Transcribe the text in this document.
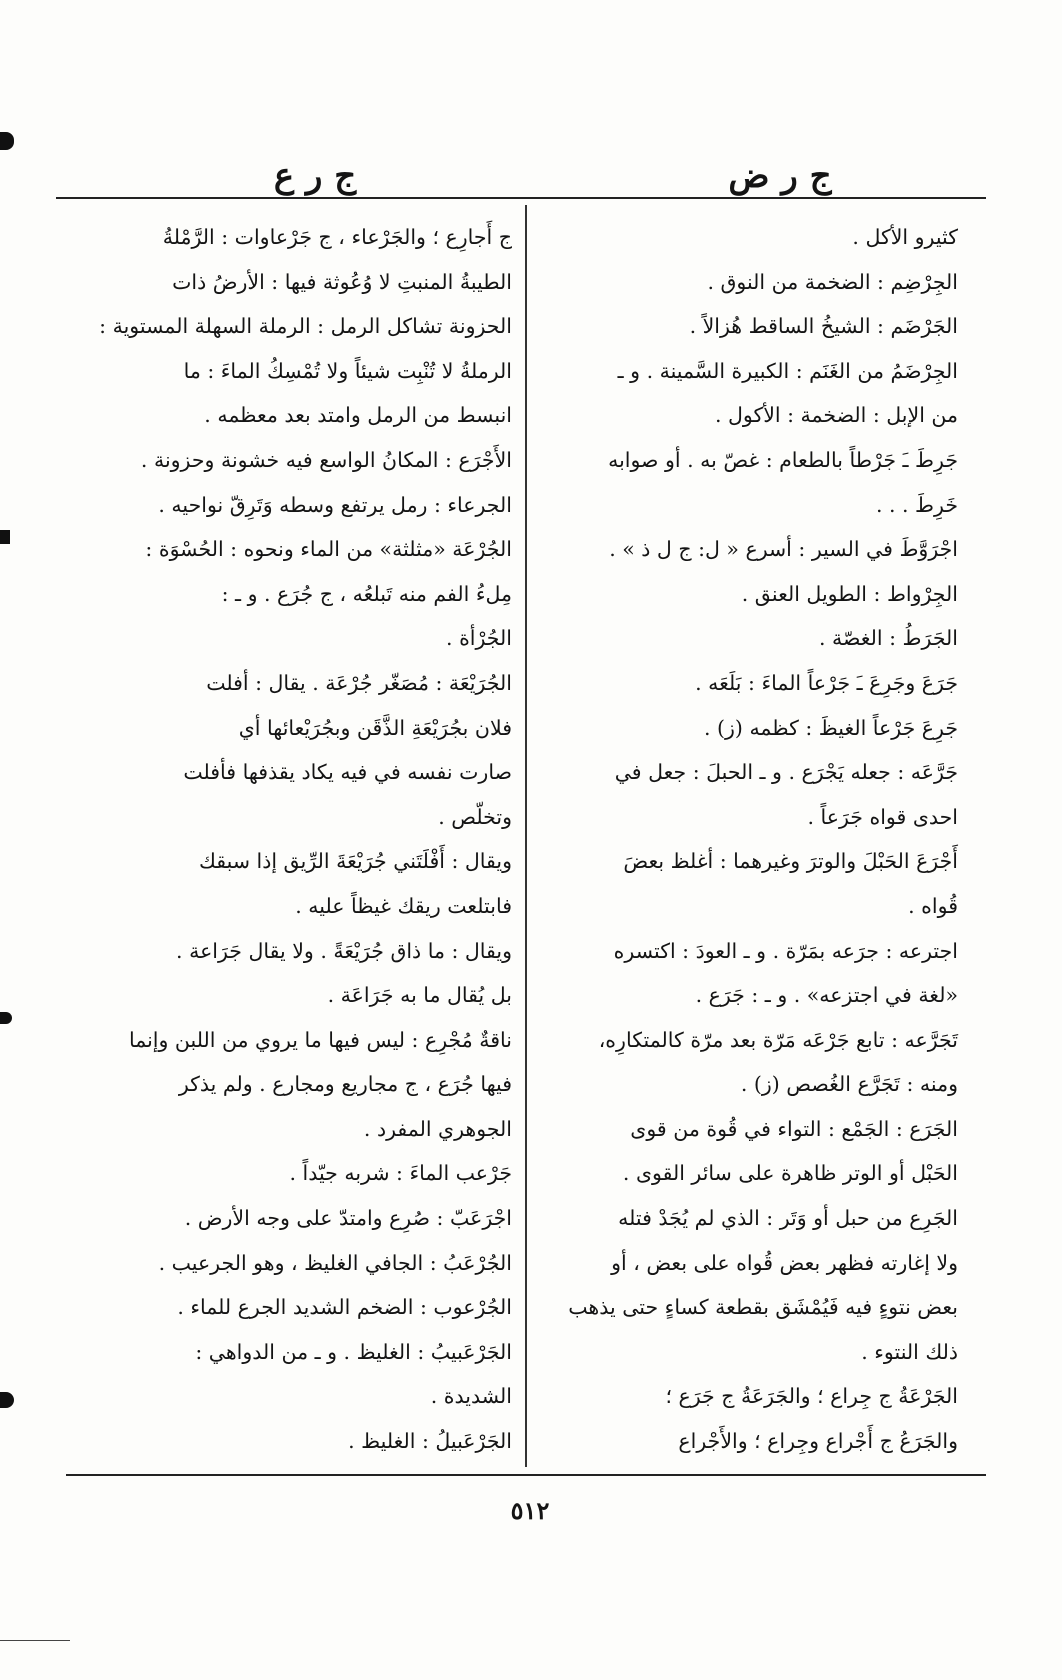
ج ر ض
ج ر ع

كثيرو الأكل .

الجِرْضِم : الضخمة من النوق .

الجَرْضَم : الشيخُ الساقط هُزالاً .

الجِرْضَمُ من الغَنَم : الكبيرة السَّمينة . و ـ

من الإبل : الضخمة : الأكول .

جَرِطَ ـَ جَرْطاً بالطعام : غصّ به . أو صوابه

خَرِطَ . . .

اجْرَوَّطَ في السير : أسرع « ل: ج ل ذ » .

الجِرْواط : الطويل العنق .

الجَرَطُ : الغصّة .

جَرَعَ وجَرِعَ ـَ جَرْعاً الماءَ : بَلَعَه .

جَرِعَ جَرْعاً الغيظَ : كظمه (ز) .

جَرَّعَه : جعله يَجْرَع . و ـ الحبلَ : جعل في

احدى قواه جَرَعاً .

أَجْرَعَ الحَبْلَ والوترَ وغيرهما : أغلظ بعضَ

قُواه .

اجترعه : جرَعه بمَرّة . و ـ العودَ : اكتسره

«لغة في اجتزعه» . و ـ : جَرَع .

تَجَرَّعه : تابع جَرْعَه مَرّة بعد مرّة كالمتكارِه،

ومنه : تَجَرَّع الغُصص (ز) .

الجَرَع : الجَمْع : التواء في قُوة من قوى

الحَبْل أو الوتر ظاهرة على سائر القوى .

الجَرِع من حبل أو وَتَر : الذي لم يُجَدْ فتله

ولا إغارته فظهر بعض قُواه على بعض ، أو

بعض نتوءٍ فيه فَيُمْشَق بقطعة كساءٍ حتى يذهب

ذلك النتوء .

الجَرْعَةُ ج جِراع ؛ والجَرَعَةُ ج جَرَع ؛

والجَرَعُ ج أَجْراع وجِراع ؛ والأَجْراع

ج أَجارِع ؛ والجَرْعاء ، ج جَرْعاوات : الرَّمْلةُ

الطيبةُ المنبتِ لا وُعُوثة فيها : الأرضُ ذات

الحزونة تشاكل الرمل : الرملة السهلة المستوية :

الرملةُ لا تُنْبِت شيئاً ولا تُمْسِكُ الماءَ : ما

انبسط من الرمل وامتد بعد معظمه .

الأَجْرَع : المكانُ الواسع فيه خشونة وحزونة .

الجرعاء : رمل يرتفع وسطه وَتَرِقّ نواحيه .

الجُرْعَة «مثلثة» من الماء ونحوه : الحُسْوَة :

مِلءُ الفم منه تَبلعُه ، ج جُرَع . و ـ :

الجُرْأة .

الجُرَيْعَة : مُصَغّر جُرْعَة . يقال : أفلت

فلان بجُرَيْعَةِ الذَّقَن وبجُرَيْعائها أي

صارت نفسه في فيه يكاد يقذفها فأفلت

وتخلّص .

ويقال : أَفْلَتَني جُرَيْعَةَ الرِّيق إذا سبقك

فابتلعت ريقك غيظاً عليه .

ويقال : ما ذاق جُرَيْعَةً . ولا يقال جَرَاعة .

بل يُقال ما به جَرَاعَة .

ناقةٌ مُجْرِع : ليس فيها ما يروي من اللبن وإنما

فيها جُرَع ، ج مجاريع ومجارع . ولم يذكر

الجوهري المفرد .

جَرْعب الماءَ : شربه جيّداً .

اجْرَعَبّ : صُرِع وامتدّ على وجه الأرض .

الجُرْعَبُ : الجافي الغليظ ، وهو الجرعيب .

الجُرْعوب : الضخم الشديد الجرع للماء .

الجَرْعَبيبُ : الغليظ . و ـ من الدواهي :

الشديدة .

الجَرْعَبيلُ : الغليظ .

٥١٢
